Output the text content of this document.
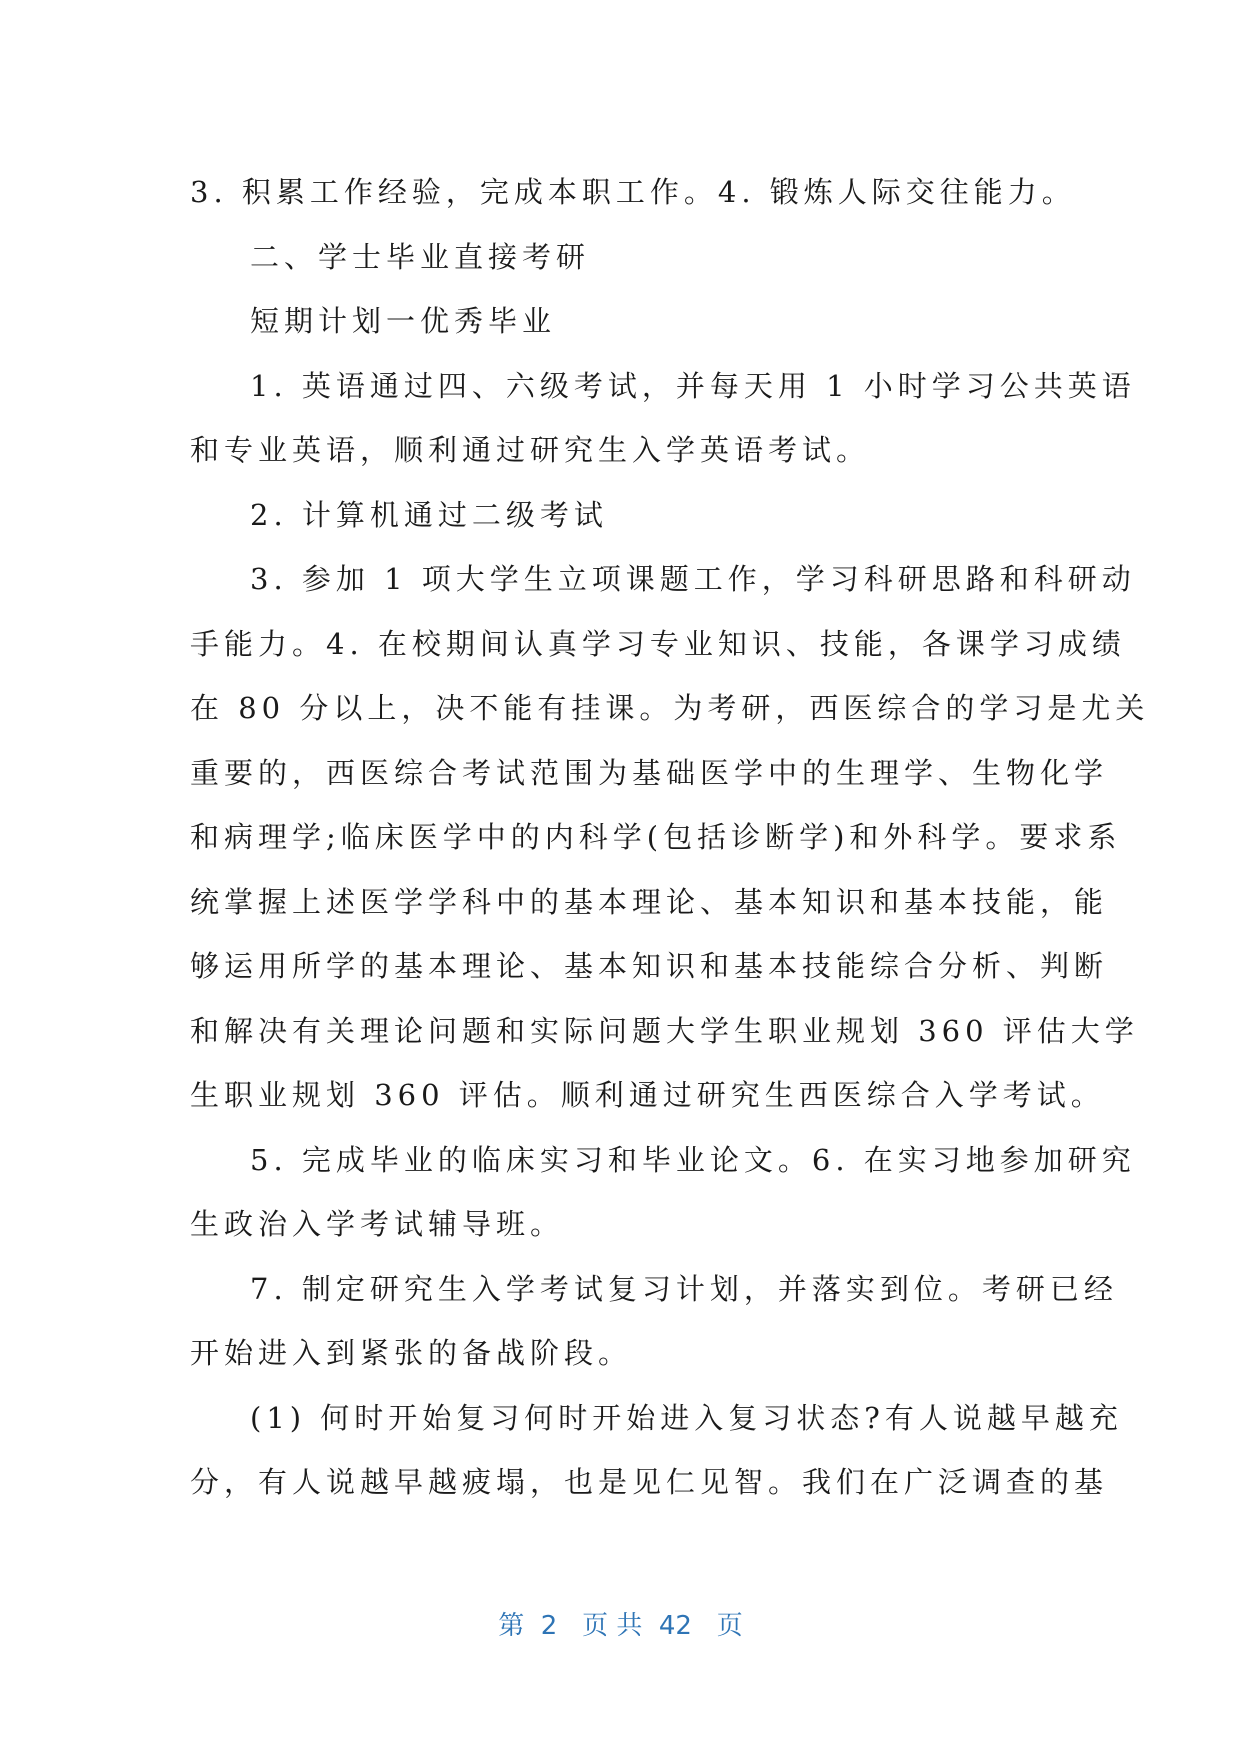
3. 积累工作经验，完成本职工作。4. 锻炼人际交往能力。
二、学士毕业直接考研
短期计划一优秀毕业
1. 英语通过四、六级考试，并每天用 1 小时学习公共英语
和专业英语，顺利通过研究生入学英语考试。
2. 计算机通过二级考试
3. 参加 1 项大学生立项课题工作，学习科研思路和科研动
手能力。4. 在校期间认真学习专业知识、技能，各课学习成绩
在 80 分以上，决不能有挂课。为考研，西医综合的学习是尤关
重要的，西医综合考试范围为基础医学中的生理学、生物化学
和病理学;临床医学中的内科学(包括诊断学)和外科学。要求系
统掌握上述医学学科中的基本理论、基本知识和基本技能，能
够运用所学的基本理论、基本知识和基本技能综合分析、判断
和解决有关理论问题和实际问题大学生职业规划 360 评估大学
生职业规划 360 评估。顺利通过研究生西医综合入学考试。
5. 完成毕业的临床实习和毕业论文。6. 在实习地参加研究
生政治入学考试辅导班。
7. 制定研究生入学考试复习计划，并落实到位。考研已经
开始进入到紧张的备战阶段。
(1) 何时开始复习何时开始进入复习状态?有人说越早越充
分，有人说越早越疲塌，也是见仁见智。我们在广泛调查的基
第  2   页 共  42   页
